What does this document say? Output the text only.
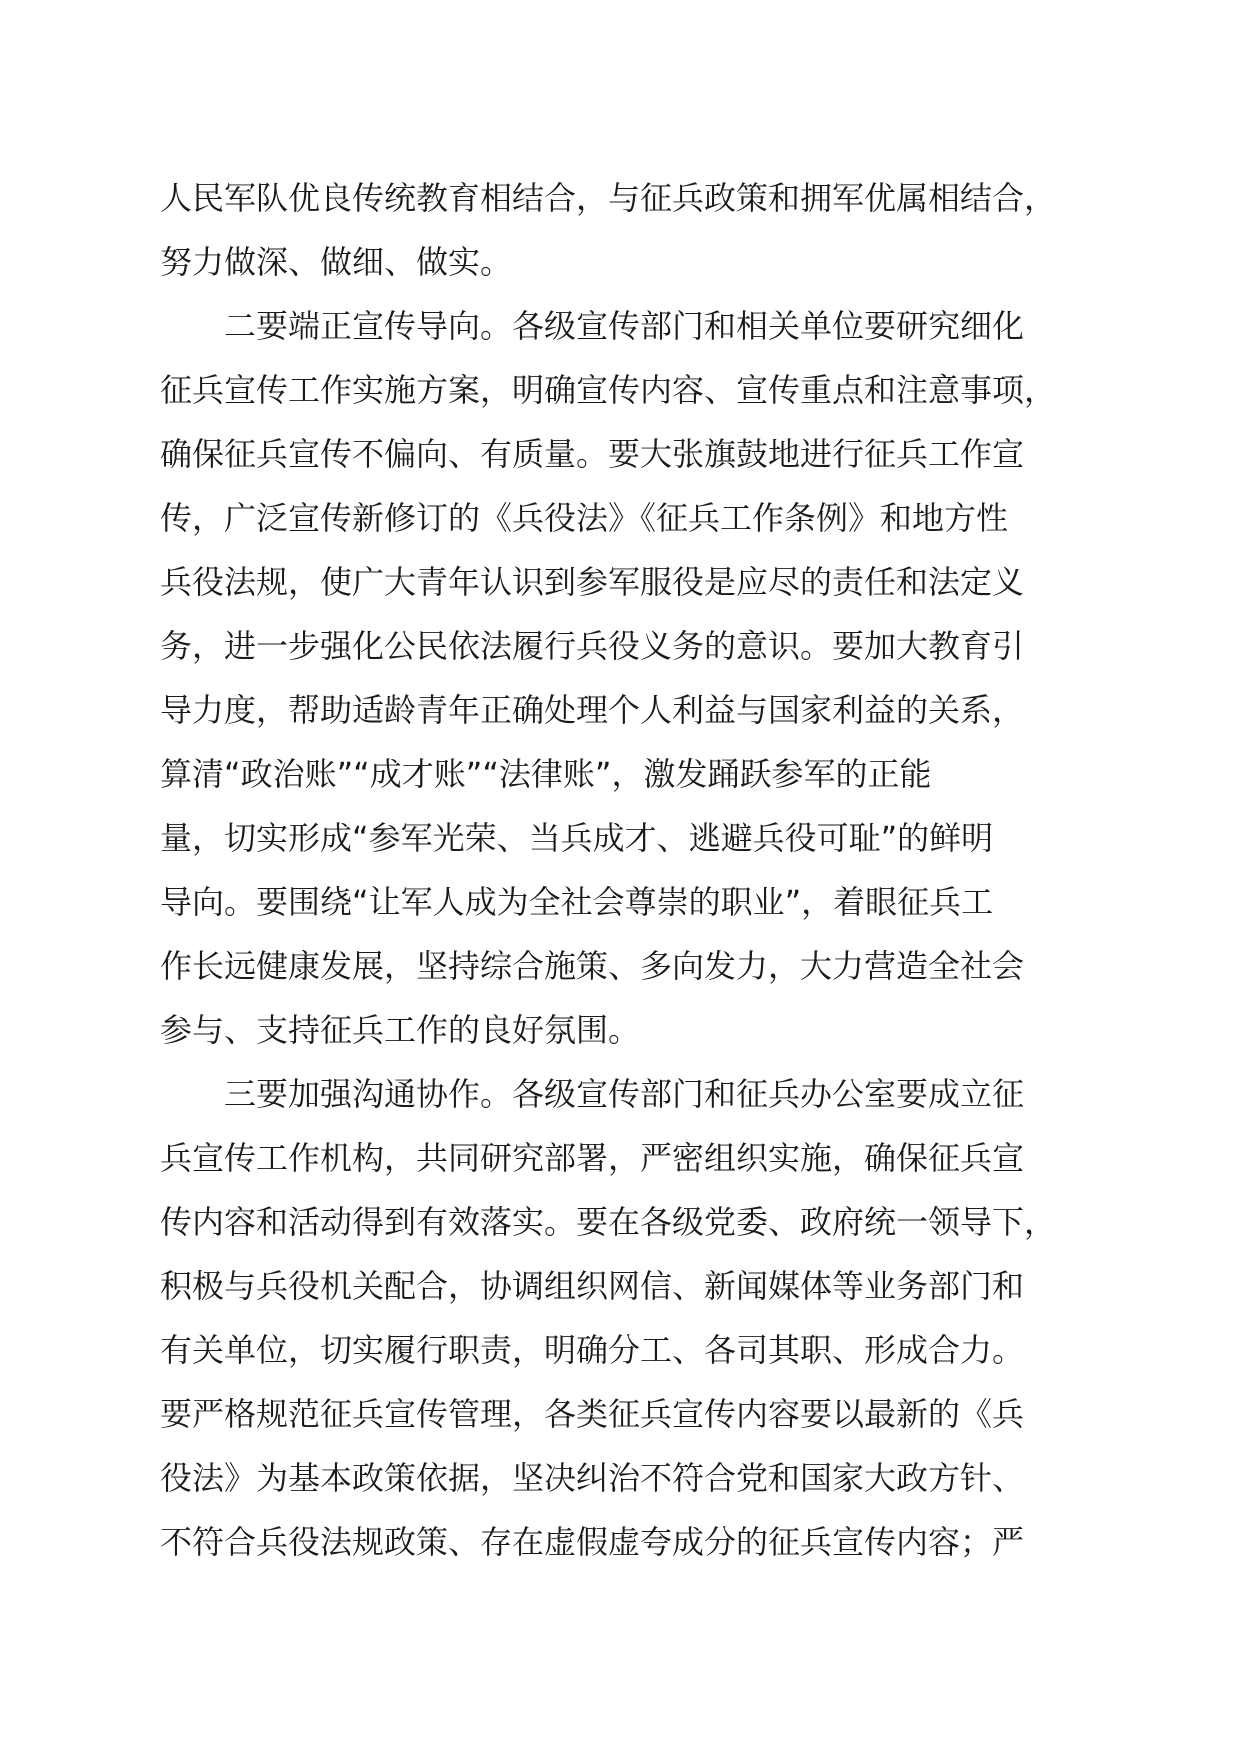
人民军队优良传统教育相结合，与征兵政策和拥军优属相结合，
努力做深、做细、做实。
　　二要端正宣传导向。各级宣传部门和相关单位要研究细化
征兵宣传工作实施方案，明确宣传内容、宣传重点和注意事项，
确保征兵宣传不偏向、有质量。要大张旗鼓地进行征兵工作宣
传，广泛宣传新修订的《兵役法》《征兵工作条例》和地方性
兵役法规，使广大青年认识到参军服役是应尽的责任和法定义
务，进一步强化公民依法履行兵役义务的意识。要加大教育引
导力度，帮助适龄青年正确处理个人利益与国家利益的关系，
算清“政治账”“成才账”“法律账”，激发踊跃参军的正能
量，切实形成“参军光荣、当兵成才、逃避兵役可耻”的鲜明
导向。要围绕“让军人成为全社会尊崇的职业”，着眼征兵工
作长远健康发展，坚持综合施策、多向发力，大力营造全社会
参与、支持征兵工作的良好氛围。
　　三要加强沟通协作。各级宣传部门和征兵办公室要成立征
兵宣传工作机构，共同研究部署，严密组织实施，确保征兵宣
传内容和活动得到有效落实。要在各级党委、政府统一领导下，
积极与兵役机关配合，协调组织网信、新闻媒体等业务部门和
有关单位，切实履行职责，明确分工、各司其职、形成合力。
要严格规范征兵宣传管理，各类征兵宣传内容要以最新的《兵
役法》为基本政策依据，坚决纠治不符合党和国家大政方针、
不符合兵役法规政策、存在虚假虚夸成分的征兵宣传内容；严
